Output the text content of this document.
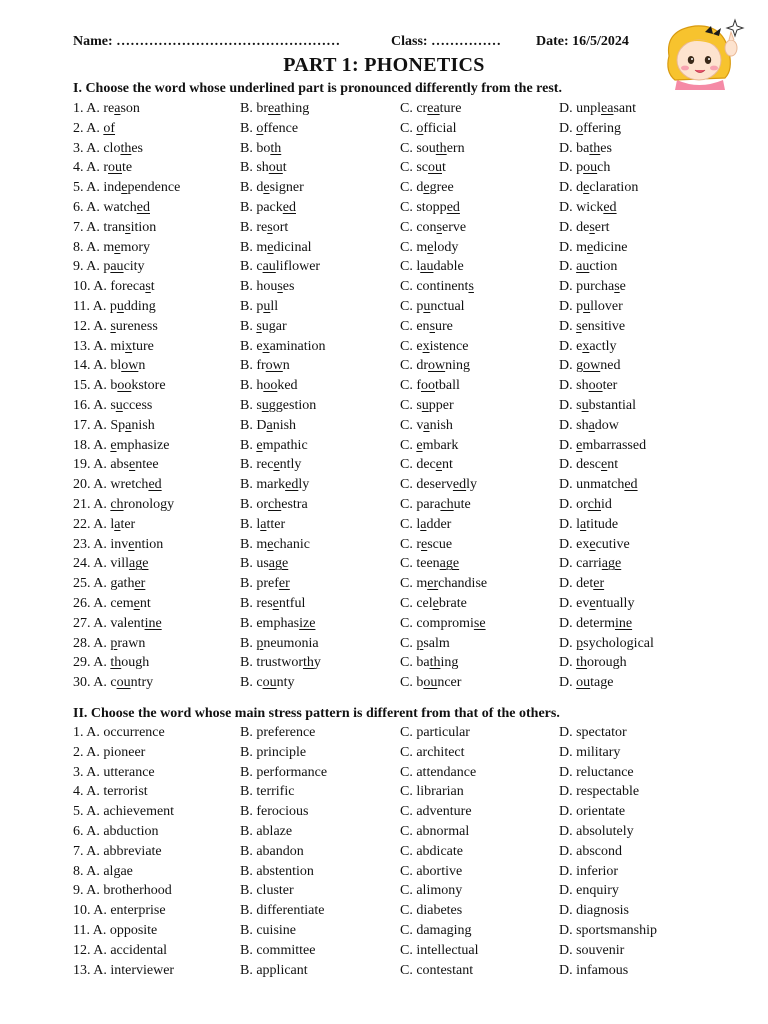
Name: …………………………………………	Class: …………… Date: 16/5/2024
PART 1: PHONETICS
I. Choose the word whose underlined part is pronounced differently from the rest.
1. A. reason	B. breathing	C. creature	D. unpleasant
2. A. of	B. offence	C. official	D. offering
3. A. clothes	B. both	C. southern	D. bathes
4. A. route	B. shout	C. scout	D. pouch
5. A. independence	B. designer	C. degree	D. declaration
6. A. watched	B. packed	C. stopped	D. wicked
7. A. transition	B. resort	C. conserve	D. desert
8. A. memory	B. medicinal	C. melody	D. medicine
9. A. paucity	B. cauliflower	C. laudable	D. auction
10. A. forecast	B. houses	C. continents	D. purchase
11. A. pudding	B. pull	C. punctual	D. pullover
12. A. sureness	B. sugar	C. ensure	D. sensitive
13. A. mixture	B. examination	C. existence	D. exactly
14. A. blown	B. frown	C. drowning	D. gowned
15. A. bookstore	B. hooked	C. football	D. shooter
16. A. success	B. suggestion	C. supper	D. substantial
17. A. Spanish	B. Danish	C. vanish	D. shadow
18. A. emphasize	B. empathic	C. embark	D. embarrassed
19. A. absentee	B. recently	C. decent	D. descent
20. A. wretched	B. markedly	C. deservedly	D. unmatched
21. A. chronology	B. orchestra	C. parachute	D. orchid
22. A. later	B. latter	C. ladder	D. latitude
23. A. invention	B. mechanic	C. rescue	D. executive
24. A. village	B. usage	C. teenage	D. carriage
25. A. gather	B. prefer	C. merchandise	D. deter
26. A. cement	B. resentful	C. celebrate	D. eventually
27. A. valentine	B. emphasize	C. compromise	D. determine
28. A. prawn	B. pneumonia	C. psalm	D. psychological
29. A. though	B. trustworthy	C. bathing	D. thorough
30. A. country	B. county	C. bouncer	D. outage
II. Choose the word whose main stress pattern is different from that of the others.
1. A. occurrence	B. preference	C. particular	D. spectator
2. A. pioneer	B. principle	C. architect	D. military
3. A. utterance	B. performance	C. attendance	D. reluctance
4. A. terrorist	B. terrific	C. librarian	D. respectable
5. A. achievement	B. ferocious	C. adventure	D. orientate
6. A. abduction	B. ablaze	C. abnormal	D. absolutely
7. A. abbreviate	B. abandon	C. abdicate	D. abscond
8. A. algae	B. abstention	C. abortive	D. inferior
9. A. brotherhood	B. cluster	C. alimony	D. enquiry
10. A. enterprise	B. differentiate	C. diabetes	D. diagnosis
11. A. opposite	B. cuisine	C. damaging	D. sportsmanship
12. A. accidental	B. committee	C. intellectual	D. souvenir
13. A. interviewer	B. applicant	C. contestant	D. infamous
